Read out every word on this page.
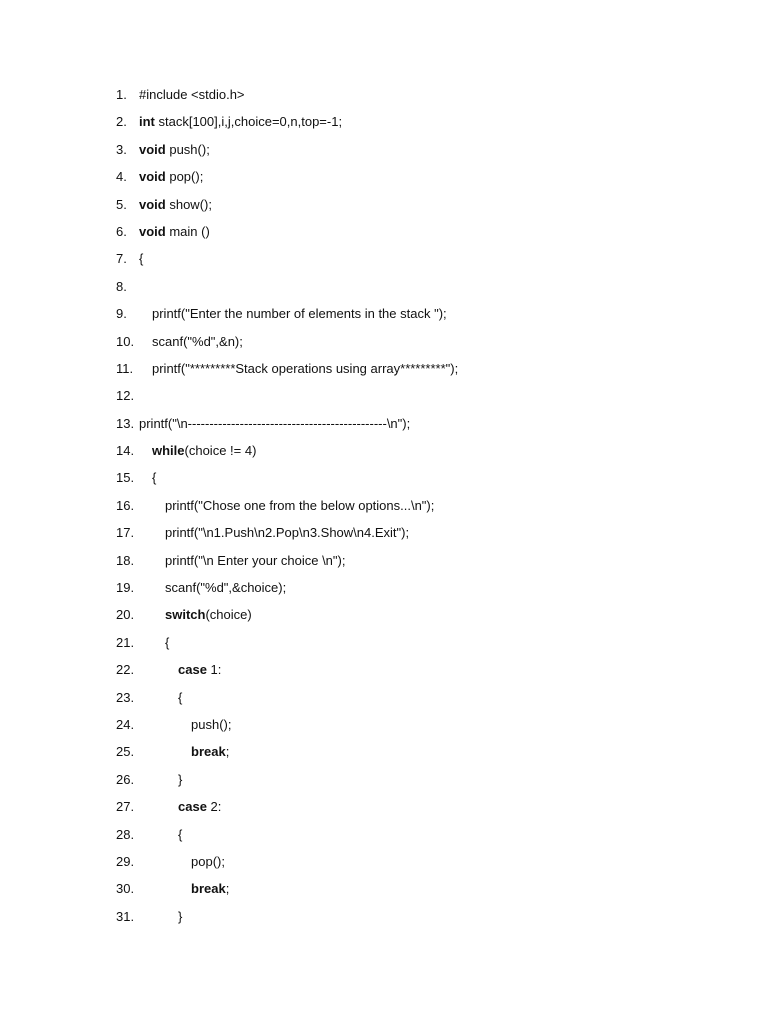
1. #include <stdio.h>
2. int stack[100],i,j,choice=0,n,top=-1;
3. void push();
4. void pop();
5. void show();
6. void main ()
7. {
8.
9.	printf("Enter the number of elements in the stack ");
10.	scanf("%d",&n);
11.	printf("*********Stack operations using array*********");
12.
13. printf("\n----------------------------------------------\n");
14.	while(choice != 4)
15.	{
16.	printf("Chose one from the below options...\n");
17.	printf("\n1.Push\n2.Pop\n3.Show\n4.Exit");
18.	printf("\n Enter your choice \n");
19.	scanf("%d",&choice);
20.	switch(choice)
21.	{
22.	case 1:
23.	{
24.	push();
25.	break;
26.	}
27.	case 2:
28.	{
29.	pop();
30.	break;
31.	}
